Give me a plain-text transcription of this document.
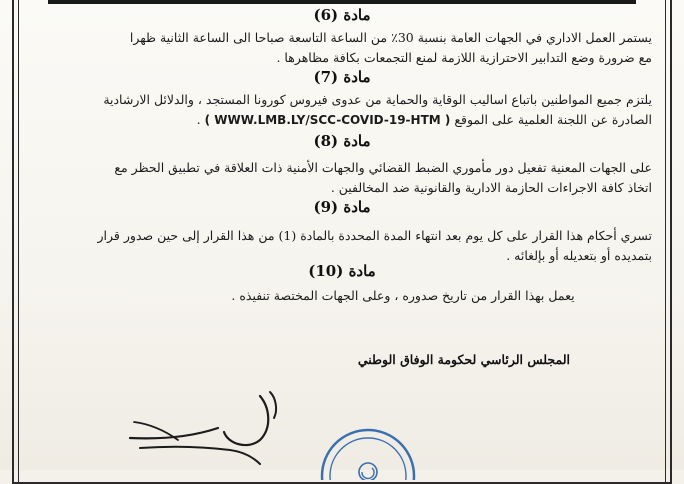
مادة (6)
يستمر العمل الاداري في الجهات العامة بنسبة 30٪ من الساعة التاسعة صباحا الى الساعة الثانية ظهرا
مع ضرورة وضع التدابير الاحترازية اللازمة لمنع التجمعات بكافة مظاهرها .
مادة (7)
يلتزم جميع المواطنين باتباع اساليب الوقاية والحماية من عدوى فيروس كورونا المستجد ، والدلائل الارشادية
الصادرة عن اللجنة العلمية على الموقع ( WWW.LMB.LY/SCC-COVID-19-HTM ) .
مادة (8)
على الجهات المعنية تفعيل دور مأموري الضبط القضائي والجهات الأمنية ذات العلاقة في تطبيق الحظر مع
اتخاذ كافة الاجراءات الحازمة الادارية والقانونية ضد المخالفين .
مادة (9)
تسري أحكام هذا القرار على كل يوم بعد انتهاء المدة المحددة بالمادة (1) من هذا القرار إلى حين صدور قرار
بتمديده أو بتعديله أو بإلغائه .
مادة (10)
يعمل بهذا القرار من تاريخ صدوره ، وعلى الجهات المختصة تنفيذه .
المجلس الرئاسي لحكومة الوفاق الوطني
